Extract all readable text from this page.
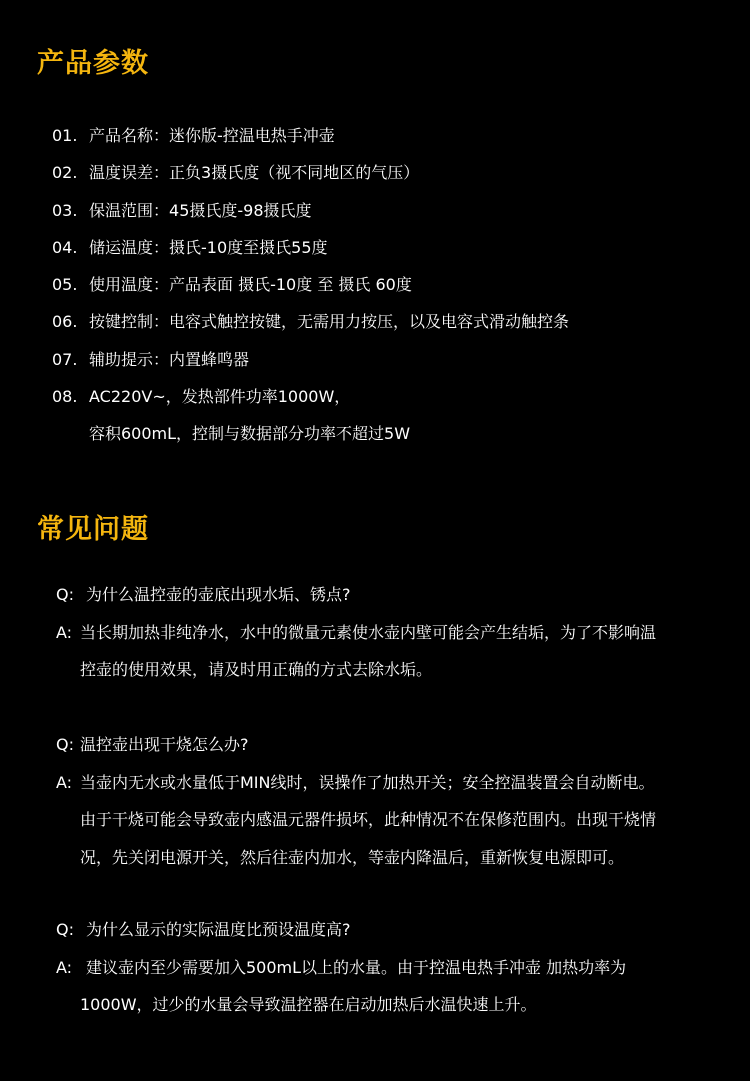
产品参数
01. 产品名称：迷你版-控温电热手冲壶
02. 温度误差：正负3摄氏度（视不同地区的气压）
03. 保温范围：45摄氏度-98摄氏度
04. 储运温度：摄氏-10度至摄氏55度
05. 使用温度：产品表面 摄氏-10度 至 摄氏 60度
06. 按键控制：电容式触控按键，无需用力按压，以及电容式滑动触控条
07. 辅助提示：内置蜂鸣器
08. AC220V~，发热部件功率1000W，
容积600mL，控制与数据部分功率不超过5W
常见问题
Q: 为什么温控壶的壶底出现水垢、锈点?
A: 当长期加热非纯净水，水中的微量元素使水壶内壁可能会产生结垢，为了不影响温
控壶的使用效果，请及时用正确的方式去除水垢。
Q: 温控壶出现干烧怎么办?
A: 当壶内无水或水量低于MIN线时，误操作了加热开关；安全控温装置会自动断电。
由于干烧可能会导致壶内感温元器件损坏，此种情况不在保修范围内。出现干烧情
况，先关闭电源开关，然后往壶内加水，等壶内降温后，重新恢复电源即可。
Q: 为什么显示的实际温度比预设温度高?
A: 建议壶内至少需要加入500mL以上的水量。由于控温电热手冲壶 加热功率为
1000W，过少的水量会导致温控器在启动加热后水温快速上升。
